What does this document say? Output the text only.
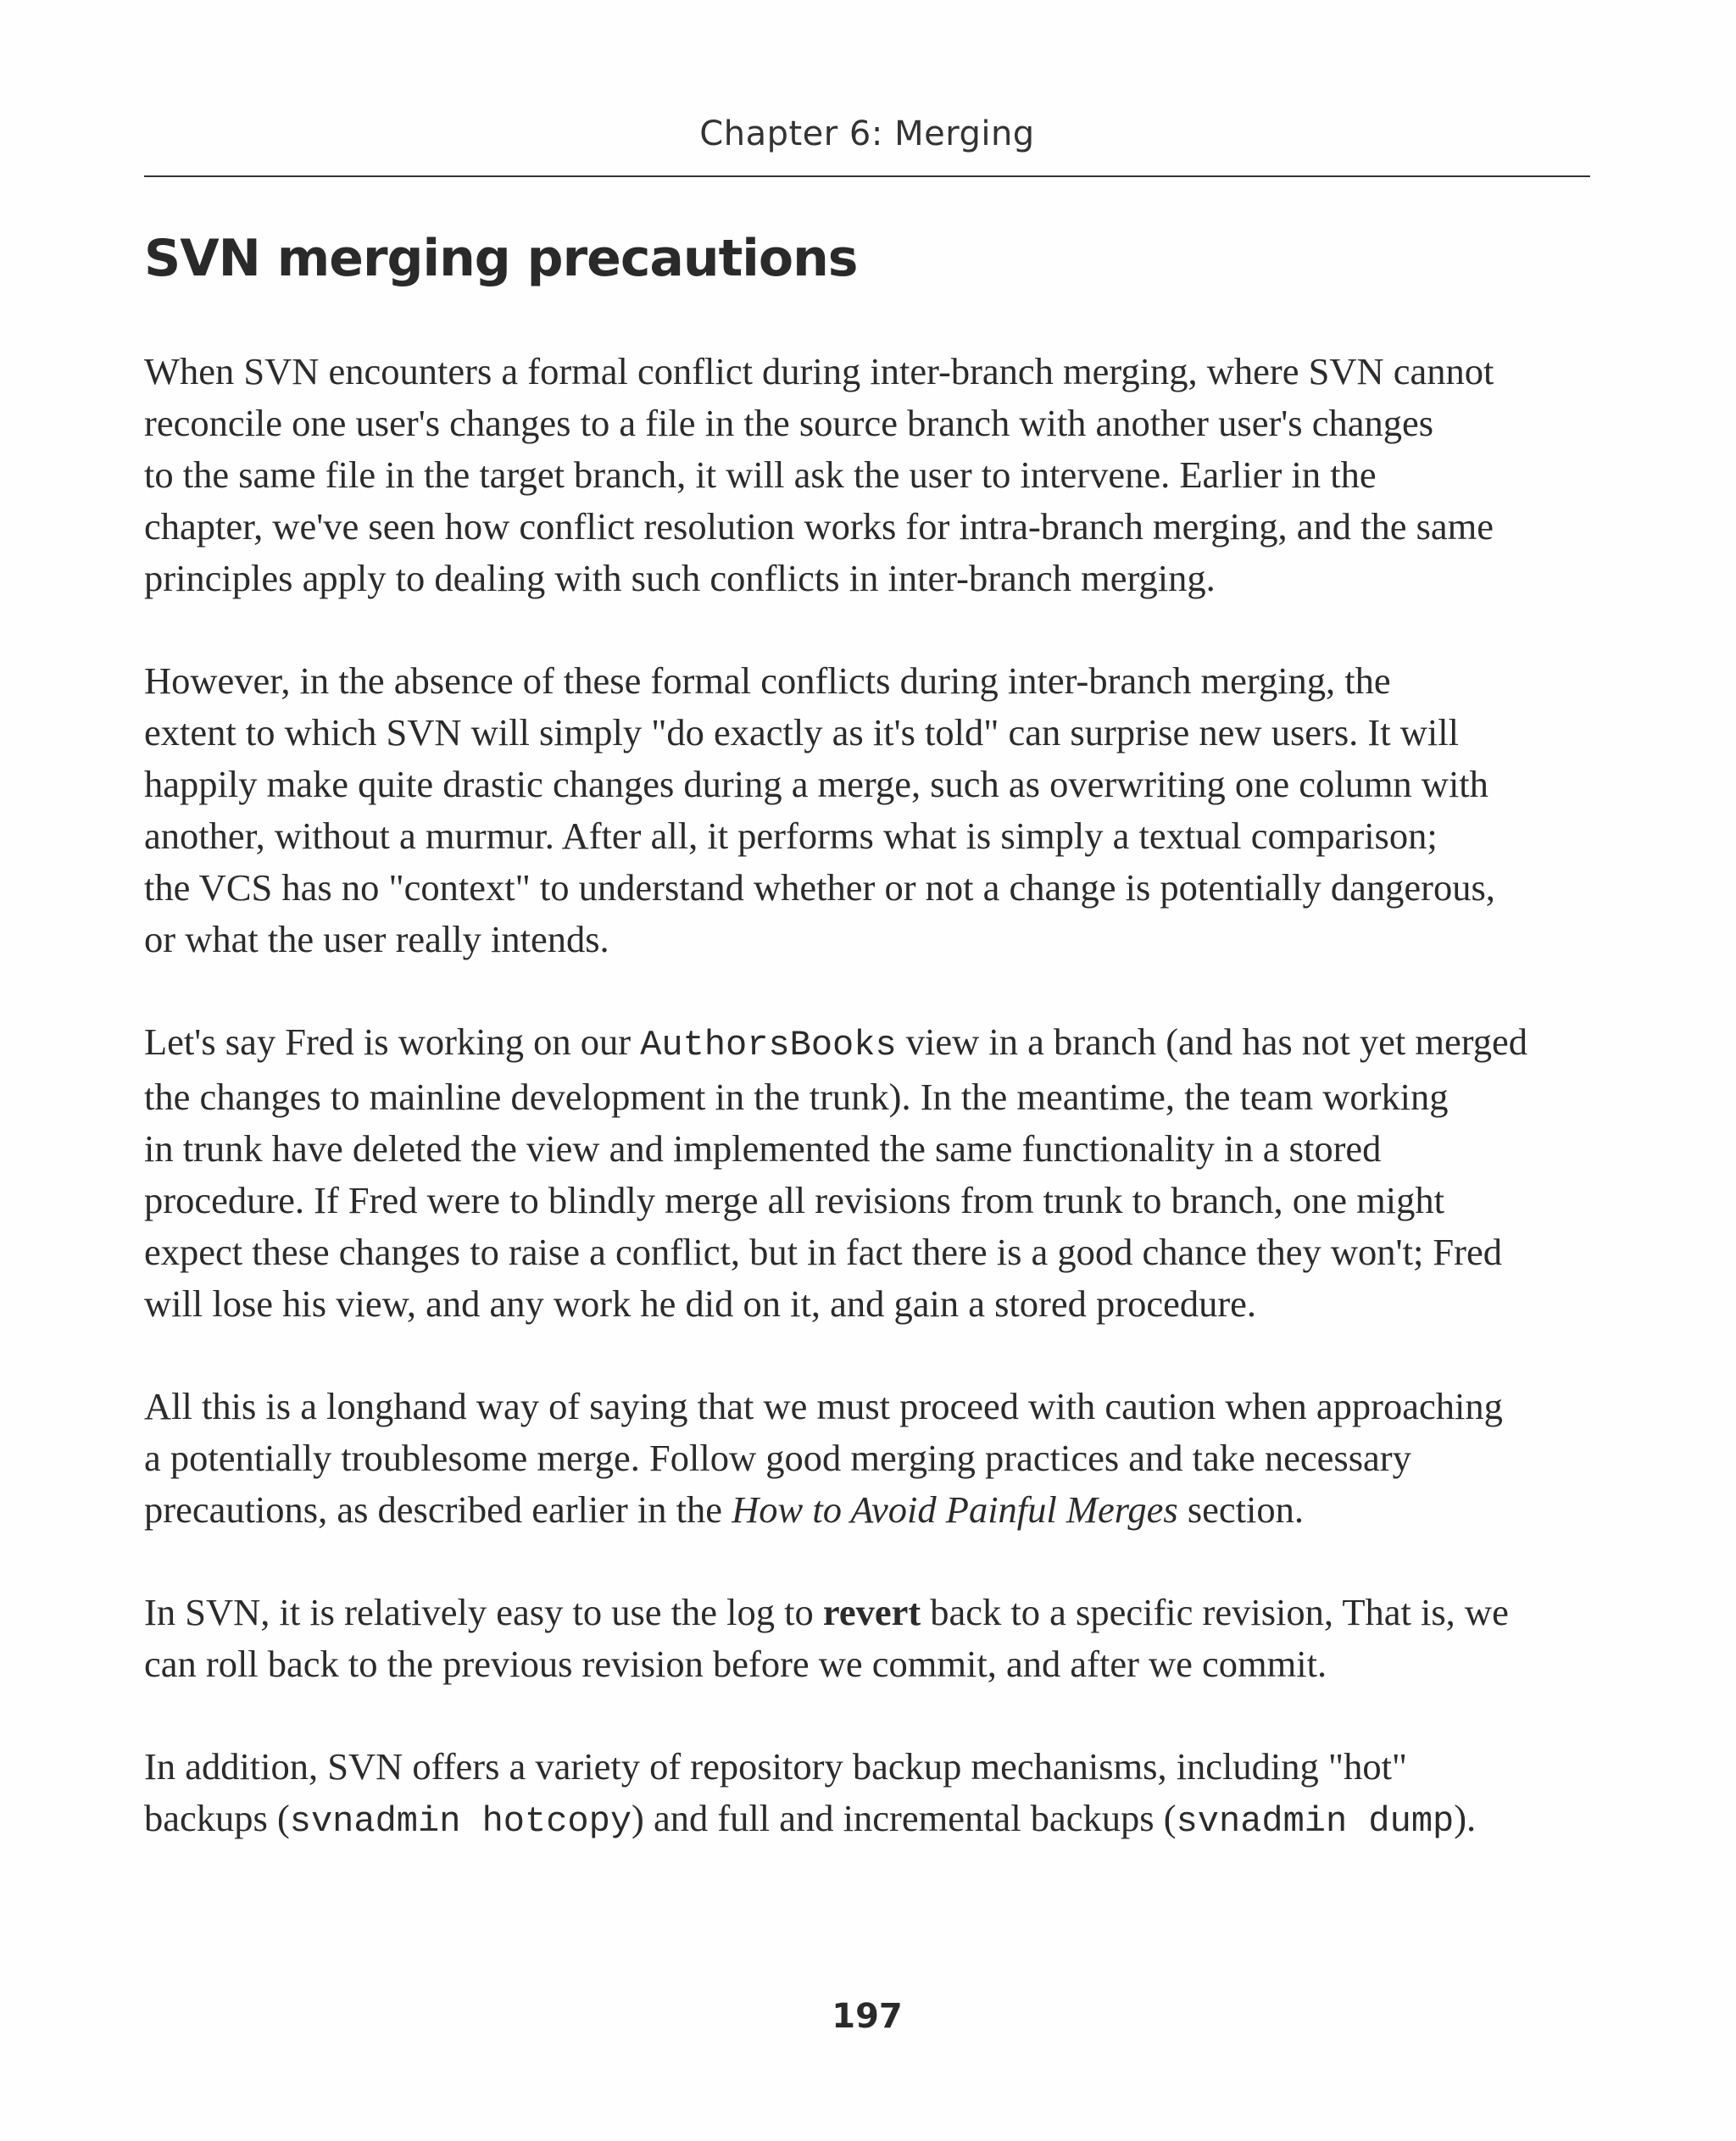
Chapter 6: Merging
SVN merging precautions

When SVN encounters a formal conflict during inter-branch merging, where SVN cannot
reconcile one user's changes to a file in the source branch with another user's changes
to the same file in the target branch, it will ask the user to intervene. Earlier in the
chapter, we've seen how conflict resolution works for intra-branch merging, and the same
principles apply to dealing with such conflicts in inter-branch merging.

However, in the absence of these formal conflicts during inter-branch merging, the
extent to which SVN will simply "do exactly as it's told" can surprise new users. It will
happily make quite drastic changes during a merge, such as overwriting one column with
another, without a murmur. After all, it performs what is simply a textual comparison;
the VCS has no "context" to understand whether or not a change is potentially dangerous,
or what the user really intends.

Let's say Fred is working on our AuthorsBooks view in a branch (and has not yet merged
the changes to mainline development in the trunk). In the meantime, the team working
in trunk have deleted the view and implemented the same functionality in a stored
procedure. If Fred were to blindly merge all revisions from trunk to branch, one might
expect these changes to raise a conflict, but in fact there is a good chance they won't; Fred
will lose his view, and any work he did on it, and gain a stored procedure.

All this is a longhand way of saying that we must proceed with caution when approaching
a potentially troublesome merge. Follow good merging practices and take necessary
precautions, as described earlier in the How to Avoid Painful Merges section.

In SVN, it is relatively easy to use the log to revert back to a specific revision, That is, we
can roll back to the previous revision before we commit, and after we commit.

In addition, SVN offers a variety of repository backup mechanisms, including "hot"
backups (svnadmin hotcopy) and full and incremental backups (svnadmin dump).

197
